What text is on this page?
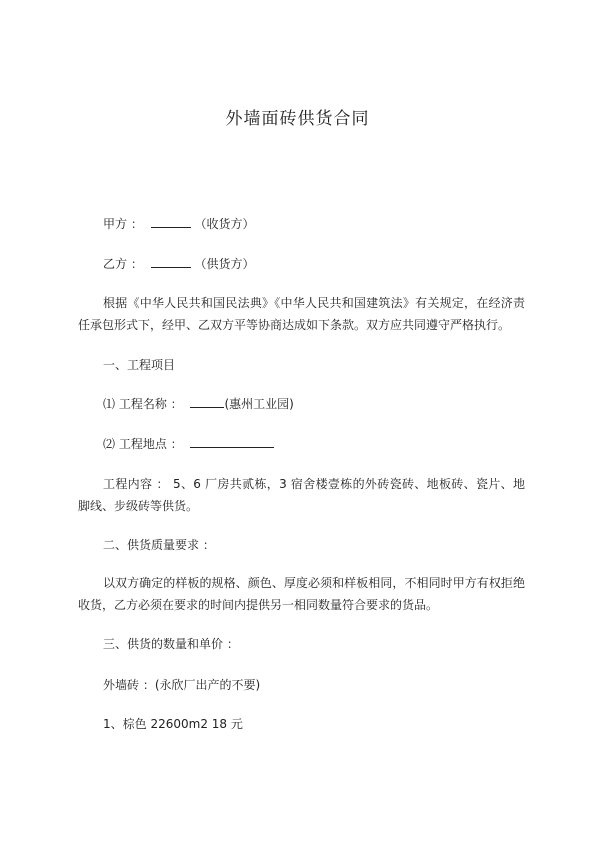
外墙面砖供货合同
甲方 ：	（收货方）
乙方 ：	（供货方）
根据《中华人民共和国民法典》《中华人民共和国建筑法》有关规定，在经济责任承包形式下，经甲、乙双方平等协商达成如下条款。双方应共同遵守严格执行。
一、工程项目
⑴ 工程名称 ：	(惠州工业园)
⑵ 工程地点 ：
工程内容 ： 5、6 厂房共贰栋，3 宿舍楼壹栋的外砖瓷砖、地板砖、瓷片、地脚线、步级砖等供货。
二、供货质量要求 ：
以双方确定的样板的规格、颜色、厚度必须和样板相同，不相同时甲方有权拒绝收货，乙方必须在要求的时间内提供另一相同数量符合要求的货品。
三、供货的数量和单价 ：
外墙砖 ：(永欣厂出产的不要)
1、棕色 22600m2 18 元
